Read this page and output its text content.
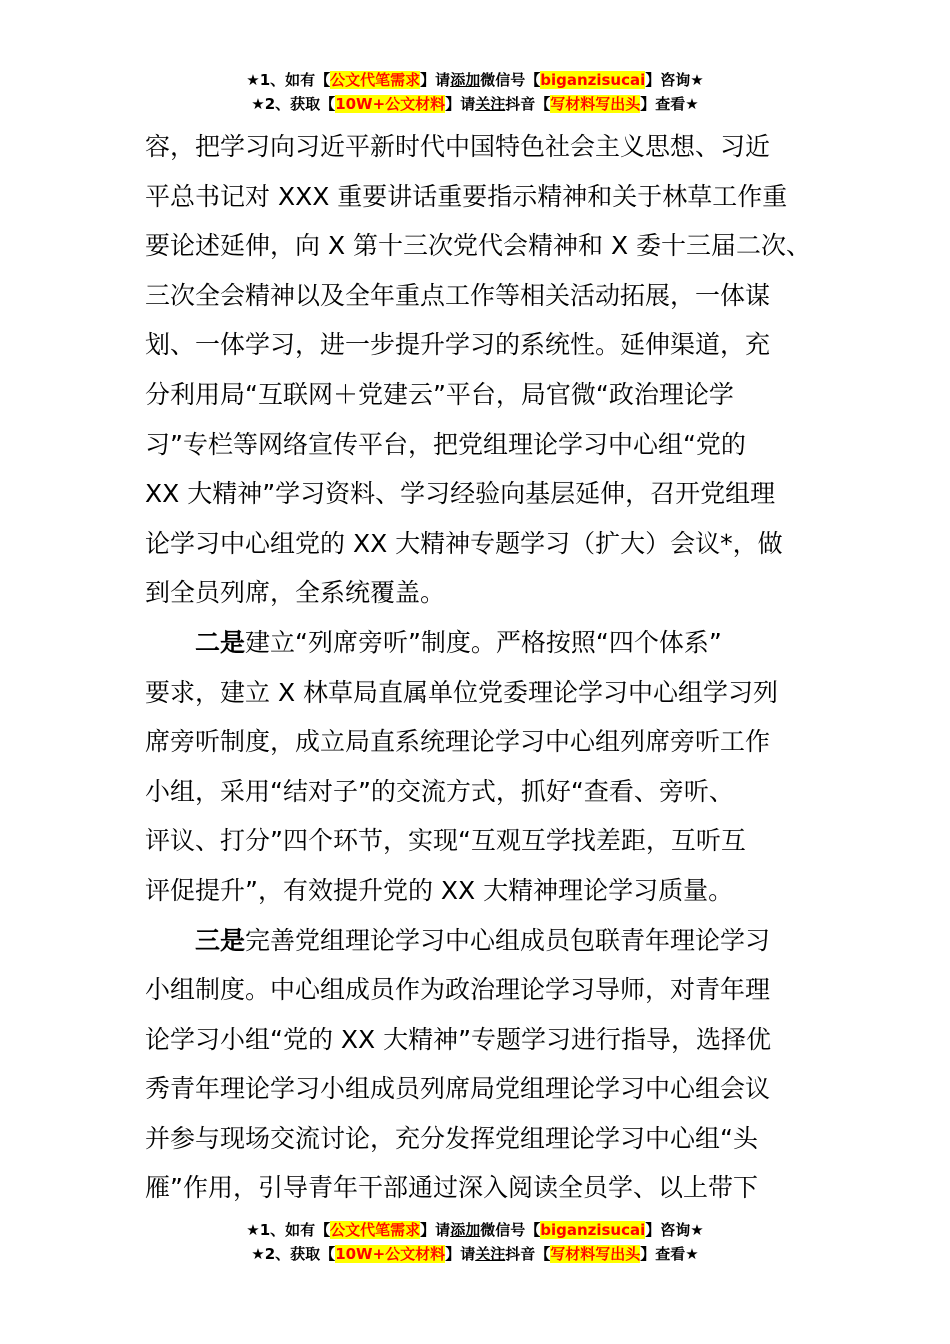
★1、如有【公文代笔需求】请添加微信号【biganzisucai】咨询★
★2、获取【10W+公文材料】请关注抖音【写材料写出头】查看★
容，把学习向习近平新时代中国特色社会主义思想、习近
平总书记对 XXX 重要讲话重要指示精神和关于林草工作重
要论述延伸，向 X 第十三次党代会精神和 X 委十三届二次、
三次全会精神以及全年重点工作等相关活动拓展，一体谋
划、一体学习，进一步提升学习的系统性。延伸渠道，充
分利用局“互联网＋党建云”平台，局官微“政治理论学
习”专栏等网络宣传平台，把党组理论学习中心组“党的
XX 大精神”学习资料、学习经验向基层延伸，召开党组理
论学习中心组党的 XX 大精神专题学习（扩大）会议*，做
到全员列席，全系统覆盖。
二是建立“列席旁听”制度。严格按照“四个体系”
要求，建立 X 林草局直属单位党委理论学习中心组学习列
席旁听制度，成立局直系统理论学习中心组列席旁听工作
小组，采用“结对子”的交流方式，抓好“查看、旁听、
评议、打分”四个环节，实现“互观互学找差距，互听互
评促提升”，有效提升党的 XX 大精神理论学习质量。
三是完善党组理论学习中心组成员包联青年理论学习
小组制度。中心组成员作为政治理论学习导师，对青年理
论学习小组“党的 XX 大精神”专题学习进行指导，选择优
秀青年理论学习小组成员列席局党组理论学习中心组会议
并参与现场交流讨论，充分发挥党组理论学习中心组“头
雁”作用，引导青年干部通过深入阅读全员学、以上带下
★1、如有【公文代笔需求】请添加微信号【biganzisucai】咨询★
★2、获取【10W+公文材料】请关注抖音【写材料写出头】查看★
